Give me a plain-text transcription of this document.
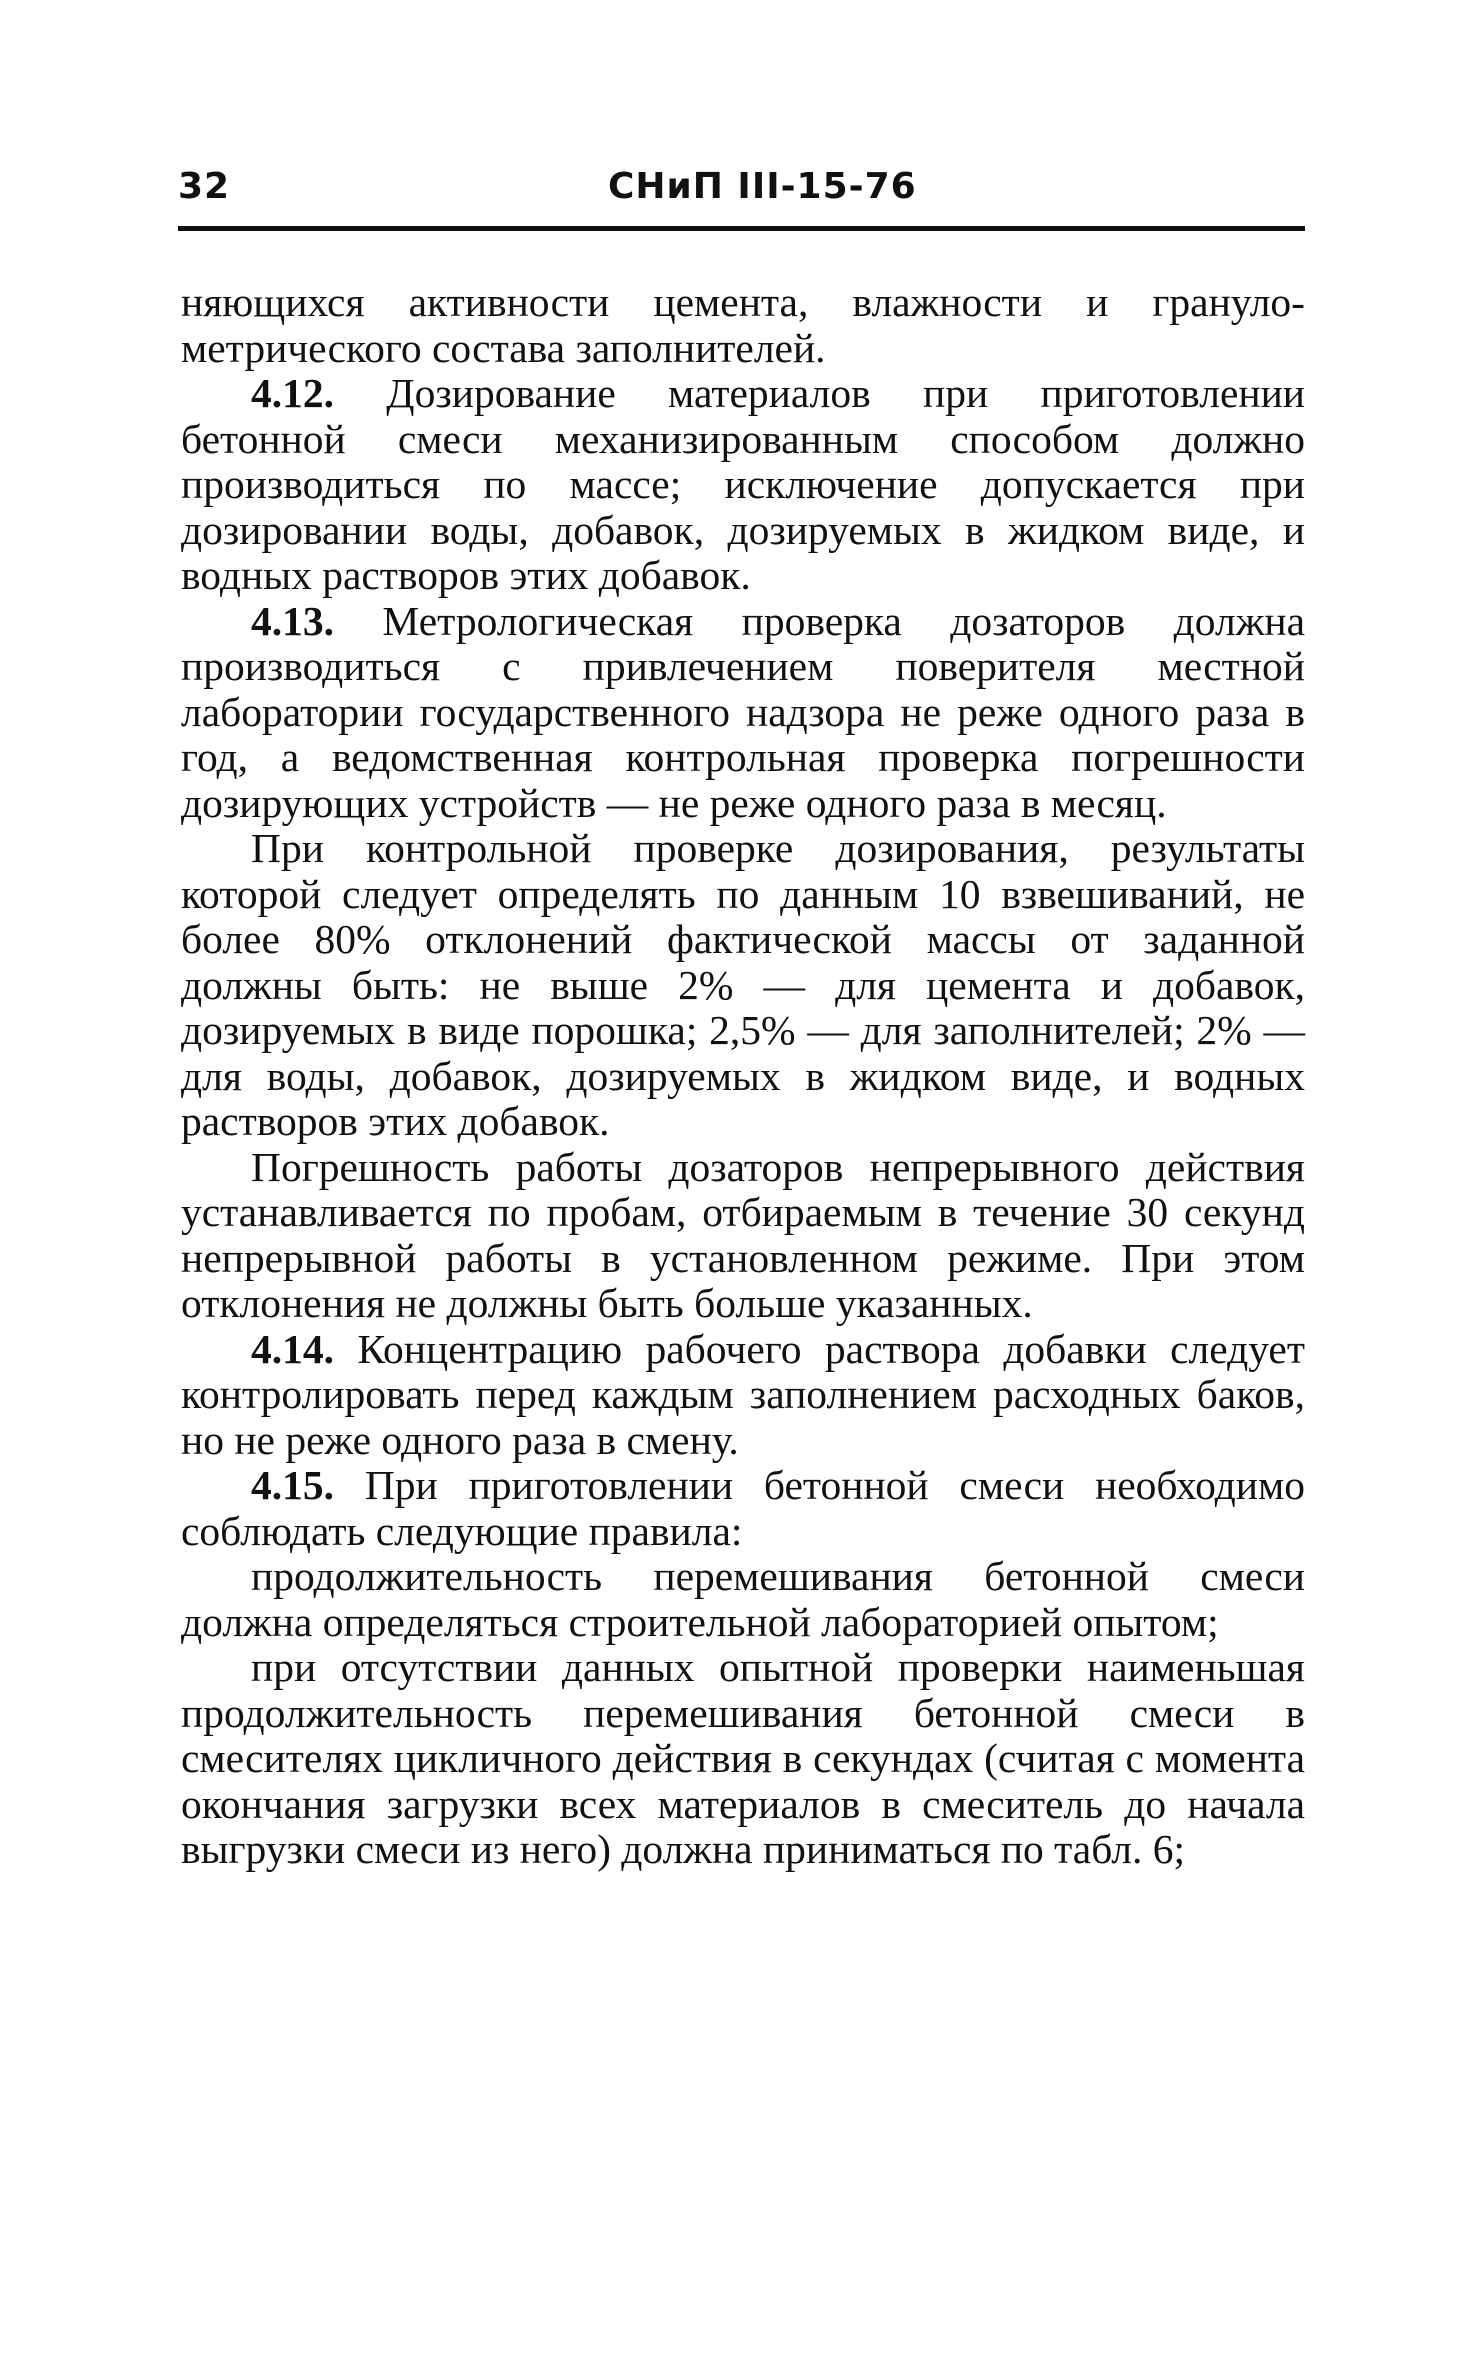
32	СНиП III-15-76

няющихся активности цемента, влажности и гранулометрического состава заполнителей.

4.12. Дозирование материалов при приготовлении бетонной смеси механизированным способом должно производиться по массе; исключение допускается при дозировании воды, добавок, дозируемых в жидком виде, и водных растворов этих добавок.

4.13. Метрологическая проверка дозаторов должна производиться с привлечением поверителя местной лаборатории государственного надзора не реже одного раза в год, а ведомственная контрольная проверка погрешности дозирующих устройств — не реже одного раза в месяц.

При контрольной проверке дозирования, результаты которой следует определять по данным 10 взвешиваний, не более 80% отклонений фактической массы от заданной должны быть: не выше 2% — для цемента и добавок, дозируемых в виде порошка; 2,5% — для заполнителей; 2% — для воды, добавок, дозируемых в жидком виде, и водных растворов этих добавок.

Погрешность работы дозаторов непрерывного действия устанавливается по пробам, отбираемым в течение 30 секунд непрерывной работы в установленном режиме. При этом отклонения не должны быть больше указанных.

4.14. Концентрацию рабочего раствора добавки следует контролировать перед каждым заполнением расходных баков, но не реже одного раза в смену.

4.15. При приготовлении бетонной смеси необходимо соблюдать следующие правила:

продолжительность перемешивания бетонной смеси должна определяться строительной лабораторией опытом;

при отсутствии данных опытной проверки наименьшая продолжительность перемешивания бетонной смеси в смесителях цикличного действия в секундах (считая с момента окончания загрузки всех материалов в смеситель до начала выгрузки смеси из него) должна приниматься по табл. 6;
